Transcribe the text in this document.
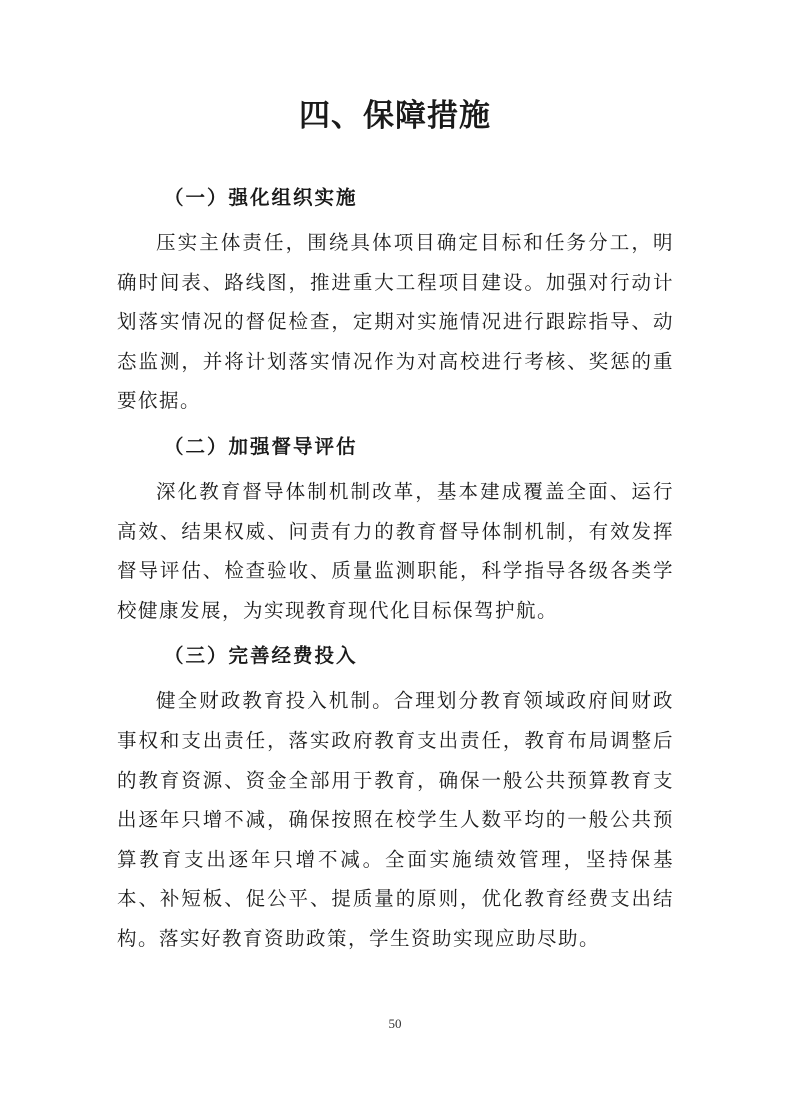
四、保障措施
（一）强化组织实施

压实主体责任，围绕具体项目确定目标和任务分工，明确时间表、路线图，推进重大工程项目建设。加强对行动计划落实情况的督促检查，定期对实施情况进行跟踪指导、动态监测，并将计划落实情况作为对高校进行考核、奖惩的重要依据。

（二）加强督导评估

深化教育督导体制机制改革，基本建成覆盖全面、运行高效、结果权威、问责有力的教育督导体制机制，有效发挥督导评估、检查验收、质量监测职能，科学指导各级各类学校健康发展，为实现教育现代化目标保驾护航。

（三）完善经费投入

健全财政教育投入机制。合理划分教育领域政府间财政事权和支出责任，落实政府教育支出责任，教育布局调整后的教育资源、资金全部用于教育，确保一般公共预算教育支出逐年只增不减，确保按照在校学生人数平均的一般公共预算教育支出逐年只增不减。全面实施绩效管理，坚持保基本、补短板、促公平、提质量的原则，优化教育经费支出结构。落实好教育资助政策，学生资助实现应助尽助。

50
